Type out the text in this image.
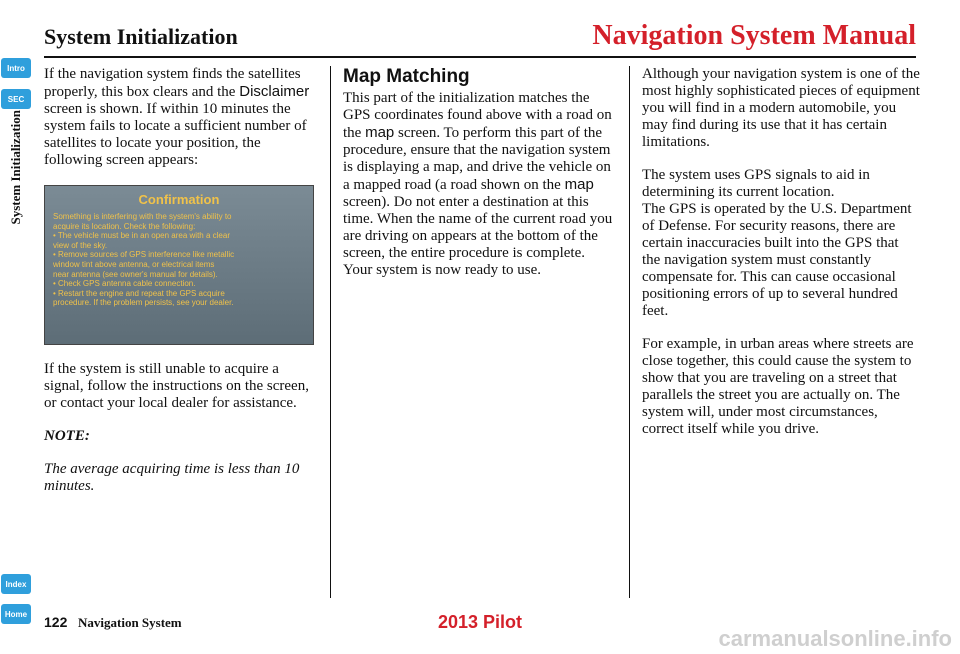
System Initialization	Navigation System Manual
Intro
SEC
System Initialization
Index
Home

If the navigation system finds the satellites properly, this box clears and the Disclaimer screen is shown. If within 10 minutes the system fails to locate a sufficient number of satellites to locate your position, the following screen appears:

Confirmation
Something is interfering with the system's ability to
acquire its location. Check the following:
• The vehicle must be in an open area with a clear
view of the sky.
• Remove sources of GPS interference like metallic
window tint above antenna, or electrical items
near antenna (see owner's manual for details).
• Check GPS antenna cable connection.
• Restart the engine and repeat the GPS acquire
procedure. If the problem persists, see your dealer.

If the system is still unable to acquire a signal, follow the instructions on the screen, or contact your local dealer for assistance.

NOTE:

The average acquiring time is less than 10 minutes.

Map Matching

This part of the initialization matches the GPS coordinates found above with a road on the map screen. To perform this part of the procedure, ensure that the navigation system is displaying a map, and drive the vehicle on a mapped road (a road shown on the map screen). Do not enter a destination at this time. When the name of the current road you are driving on appears at the bottom of the screen, the entire procedure is complete. Your system is now ready to use.

Although your navigation system is one of the most highly sophisticated pieces of equipment you will find in a modern automobile, you may find during its use that it has certain limitations.

The system uses GPS signals to aid in determining its current location.
The GPS is operated by the U.S. Department of Defense. For security reasons, there are certain inaccuracies built into the GPS that the navigation system must constantly compensate for. This can cause occasional positioning errors of up to several hundred feet.

For example, in urban areas where streets are close together, this could cause the system to show that you are traveling on a street that parallels the street you are actually on. The system will, under most circumstances, correct itself while you drive.

122 Navigation System	2013 Pilot
carmanualsonline.info
